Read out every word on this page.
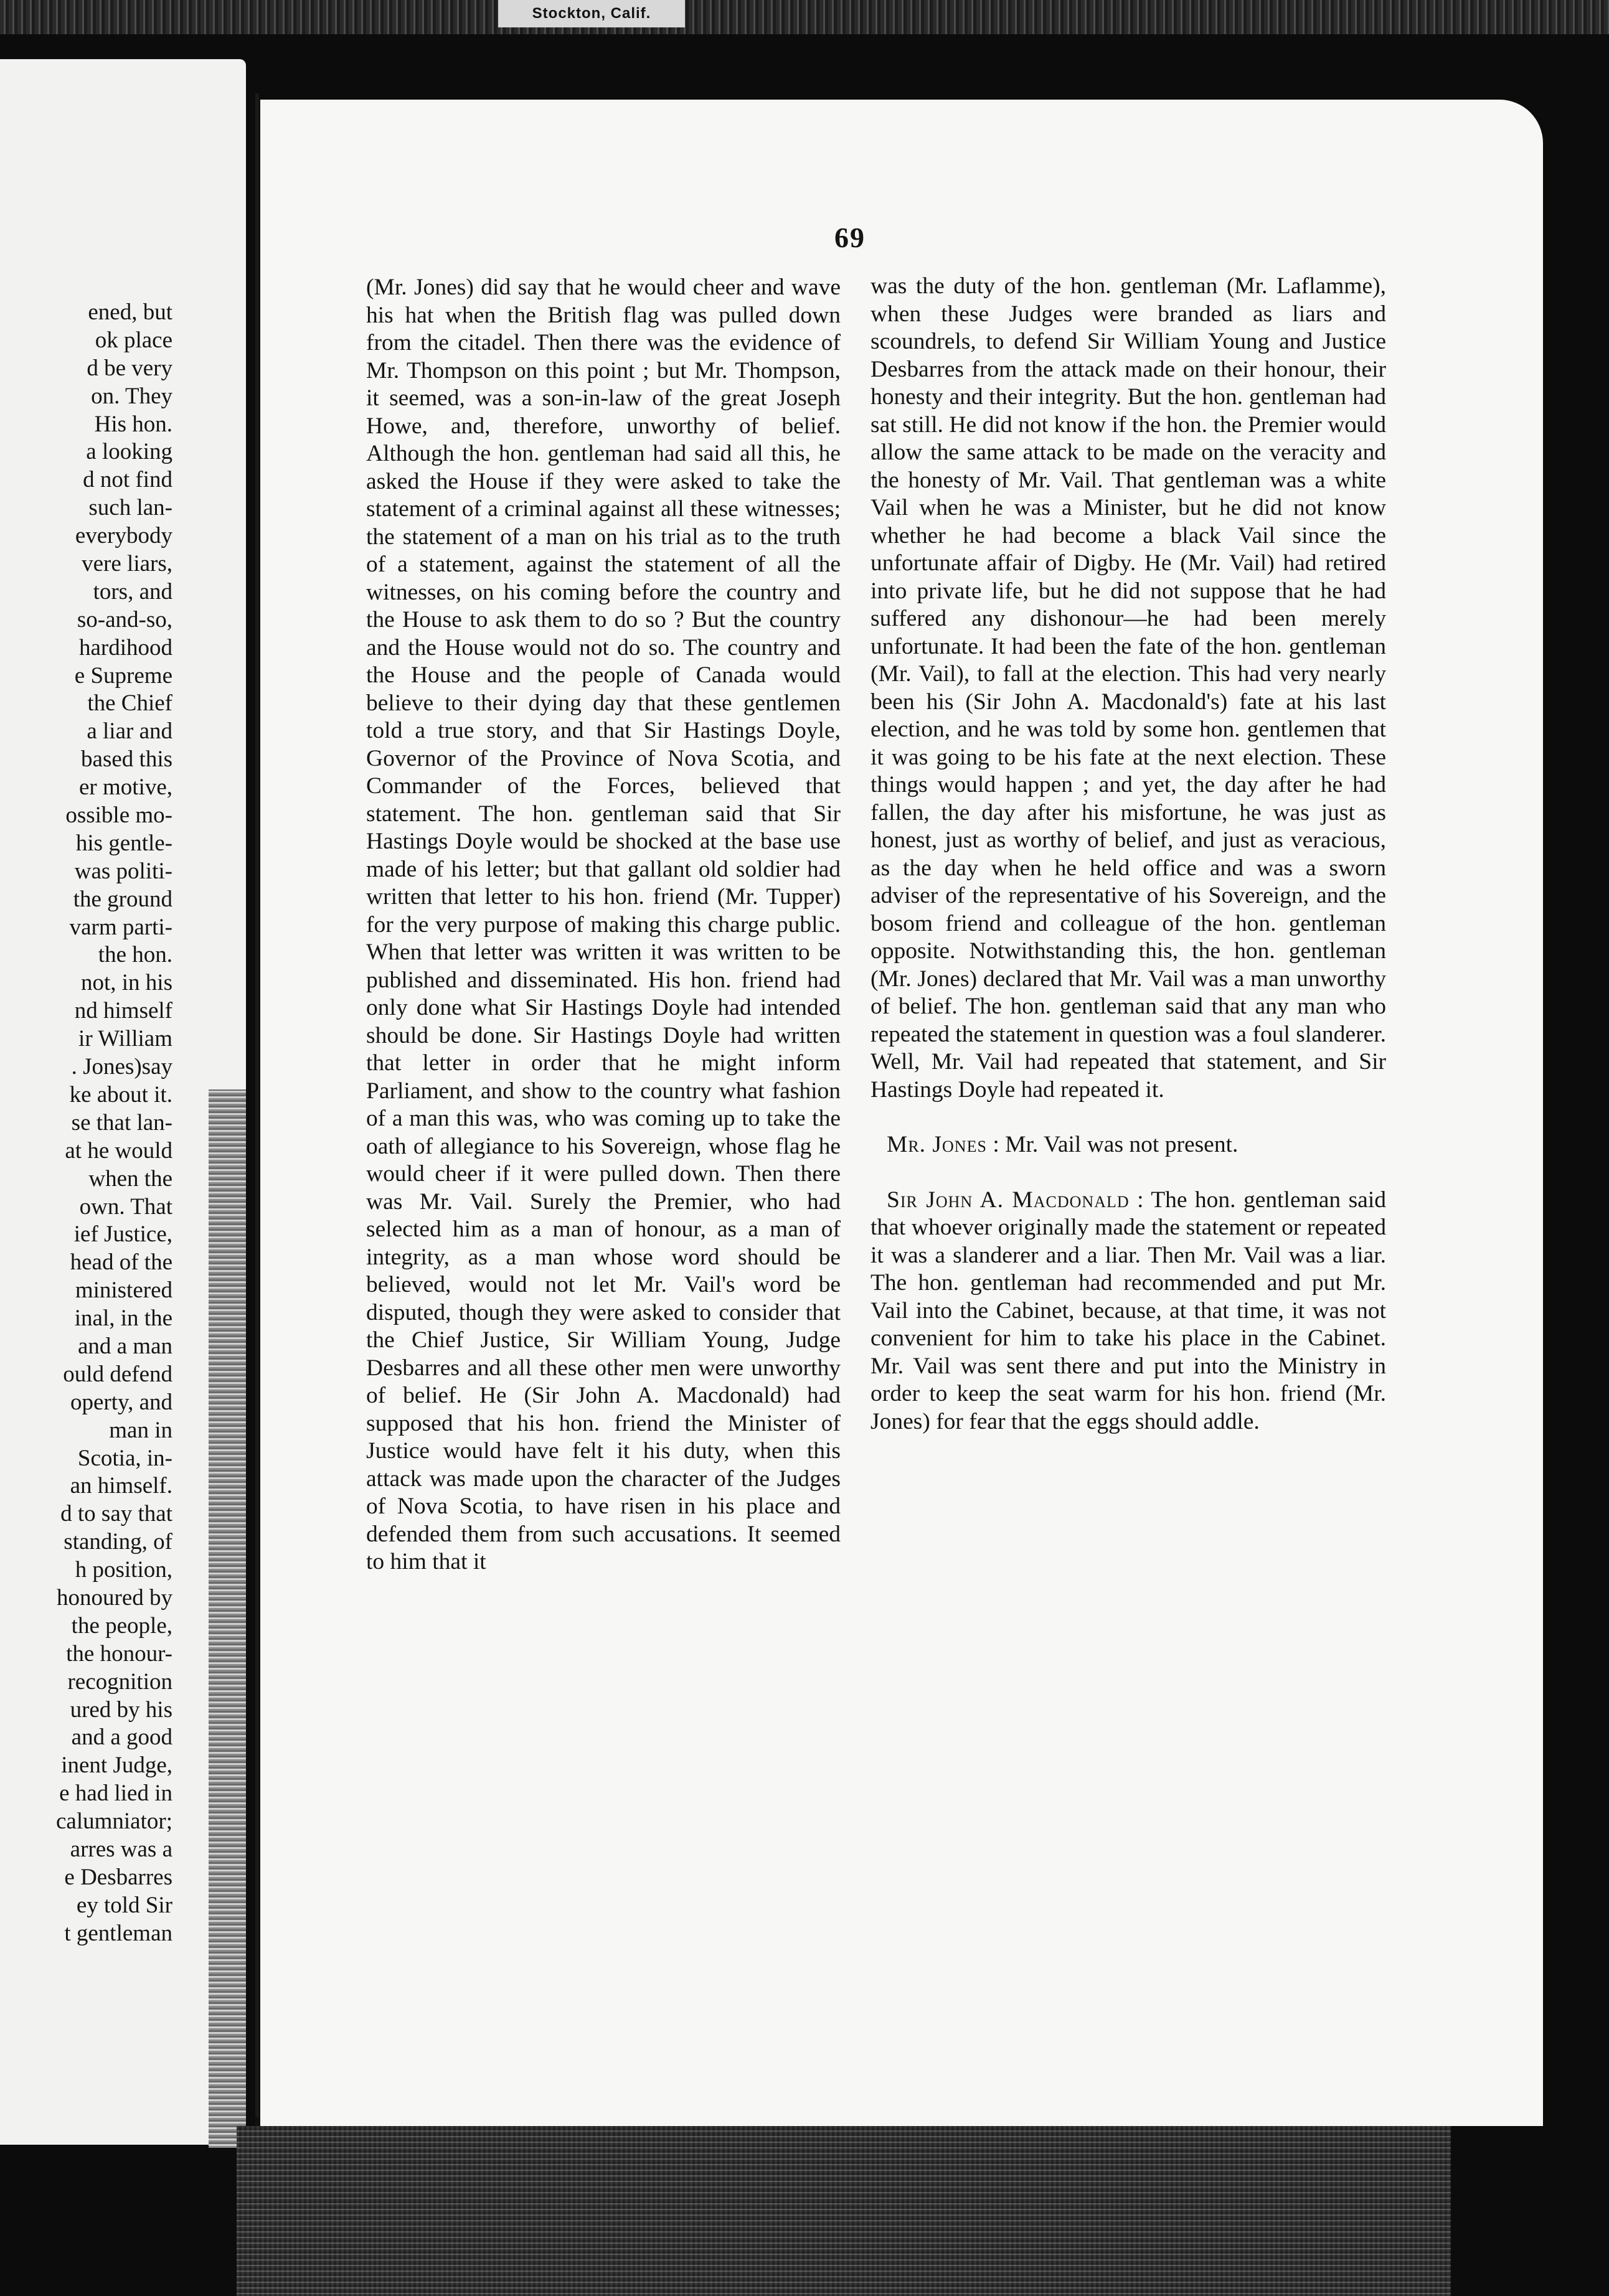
Stockton, Calif.
ened, but
ok place
d be very
on. They
His hon.
a looking
d not find
such lan-
everybody
vere liars,
tors, and
so-and-so,
hardihood
e Supreme
the Chief
a liar and
based this
er motive,
ossible mo-
his gentle-
was politi-
the ground
varm parti-
the hon.
not, in his
nd himself
ir William
. Jones)say
ke about it.
se that lan-
at he would
when the
own. That
ief Justice,
head of the
ministered
inal, in the
and a man
ould defend
operty, and
man in
Scotia, in-
an himself.
d to say that
standing, of
h position,
honoured by
the people,
the honour-
recognition
ured by his
and a good
inent Judge,
e had lied in
calumniator;
arres was a
e Desbarres
ey told Sir
t gentleman
69

(Mr. Jones) did say that he would cheer and wave his hat when the British flag was pulled down from the citadel. Then there was the evidence of Mr. Thompson on this point ; but Mr. Thompson, it seemed, was a son-in-law of the great Joseph Howe, and, therefore, unworthy of belief. Although the hon. gentleman had said all this, he asked the House if they were asked to take the statement of a criminal against all these witnesses; the statement of a man on his trial as to the truth of a statement, against the statement of all the witnesses, on his coming before the country and the House to ask them to do so ? But the country and the House would not do so. The country and the House and the people of Canada would believe to their dying day that these gentlemen told a true story, and that Sir Hastings Doyle, Governor of the Province of Nova Scotia, and Commander of the Forces, believed that statement. The hon. gentleman said that Sir Hastings Doyle would be shocked at the base use made of his letter; but that gallant old soldier had written that letter to his hon. friend (Mr. Tupper) for the very purpose of making this charge public. When that letter was written it was written to be published and disseminated. His hon. friend had only done what Sir Hastings Doyle had intended should be done. Sir Hastings Doyle had written that letter in order that he might inform Parliament, and show to the country what fashion of a man this was, who was coming up to take the oath of allegiance to his Sovereign, whose flag he would cheer if it were pulled down. Then there was Mr. Vail. Surely the Premier, who had selected him as a man of honour, as a man of integrity, as a man whose word should be believed, would not let Mr. Vail's word be disputed, though they were asked to consider that the Chief Justice, Sir William Young, Judge Desbarres and all these other men were unworthy of belief. He (Sir John A. Macdonald) had supposed that his hon. friend the Minister of Justice would have felt it his duty, when this attack was made upon the character of the Judges of Nova Scotia, to have risen in his place and defended them from such accusations. It seemed to him that it

was the duty of the hon. gentleman (Mr. Laflamme), when these Judges were branded as liars and scoundrels, to defend Sir William Young and Justice Desbarres from the attack made on their honour, their honesty and their integrity. But the hon. gentleman had sat still. He did not know if the hon. the Premier would allow the same attack to be made on the veracity and the honesty of Mr. Vail. That gentleman was a white Vail when he was a Minister, but he did not know whether he had become a black Vail since the unfortunate affair of Digby. He (Mr. Vail) had retired into private life, but he did not suppose that he had suffered any dishonour—he had been merely unfortunate. It had been the fate of the hon. gentleman (Mr. Vail), to fall at the election. This had very nearly been his (Sir John A. Macdonald's) fate at his last election, and he was told by some hon. gentlemen that it was going to be his fate at the next election. These things would happen ; and yet, the day after he had fallen, the day after his misfortune, he was just as honest, just as worthy of belief, and just as veracious, as the day when he held office and was a sworn adviser of the representative of his Sovereign, and the bosom friend and colleague of the hon. gentleman opposite. Notwithstanding this, the hon. gentleman (Mr. Jones) declared that Mr. Vail was a man unworthy of belief. The hon. gentleman said that any man who repeated the statement in question was a foul slanderer. Well, Mr. Vail had repeated that statement, and Sir Hastings Doyle had repeated it.

Mr. Jones : Mr. Vail was not present.

Sir John A. Macdonald : The hon. gentleman said that whoever originally made the statement or repeated it was a slanderer and a liar. Then Mr. Vail was a liar. The hon. gentleman had recommended and put Mr. Vail into the Cabinet, because, at that time, it was not convenient for him to take his place in the Cabinet. Mr. Vail was sent there and put into the Ministry in order to keep the seat warm for his hon. friend (Mr. Jones) for fear that the eggs should addle.
